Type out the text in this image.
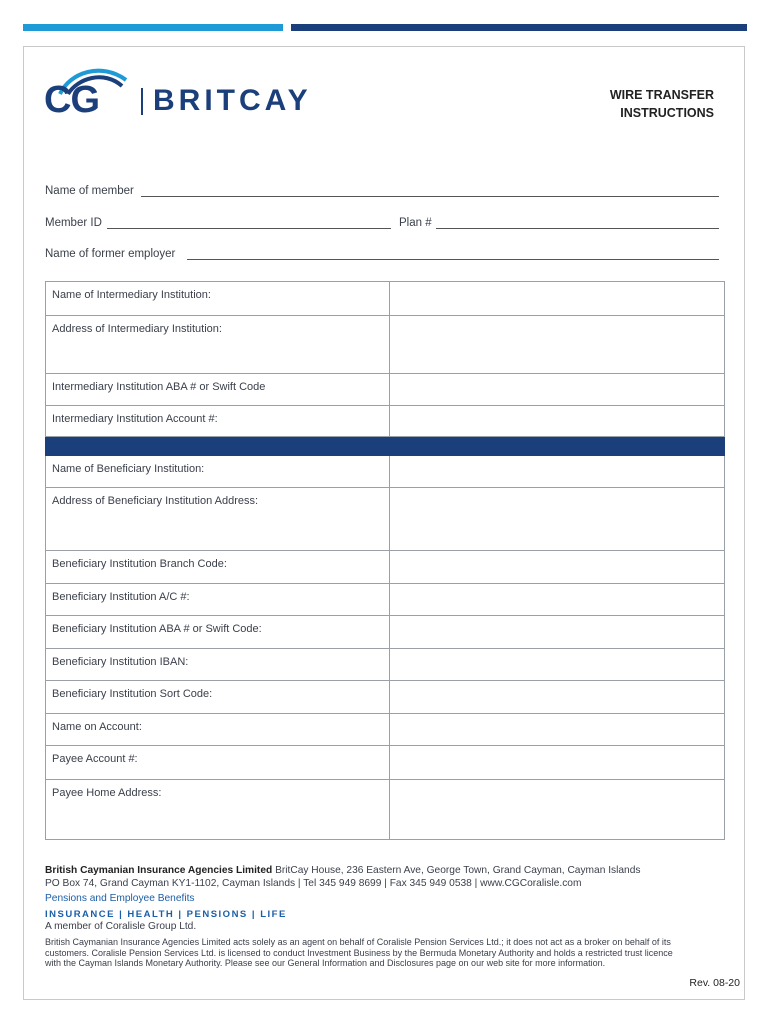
CG BRITCAY	WIRE TRANSFER
INSTRUCTIONS
Name of member
Member ID	Plan #
Name of former employer
Name of Intermediary Institution:	
Address of Intermediary Institution:	
Intermediary Institution ABA # or Swift Code	
Intermediary Institution Account #:	

Name of Beneficiary Institution:	
Address of Beneficiary Institution Address:	
Beneficiary Institution Branch Code:	
Beneficiary Institution A/C #:	
Beneficiary Institution ABA # or Swift Code:	
Beneficiary Institution IBAN:	
Beneficiary Institution Sort Code:	
Name on Account:	
Payee Account #:	
Payee Home Address:	
British Caymanian Insurance Agencies Limited BritCay House, 236 Eastern Ave, George Town, Grand Cayman, Cayman Islands
PO Box 74, Grand Cayman KY1-1102, Cayman Islands | Tel 345 949 8699 | Fax 345 949 0538 | www.CGCoralisle.com
Pensions and Employee Benefits
INSURANCE | HEALTH | PENSIONS | LIFE
A member of Coralisle Group Ltd.
British Caymanian Insurance Agencies Limited acts solely as an agent on behalf of Coralisle Pension Services Ltd.; it does not act as a broker on behalf of its customers. Coralisle Pension Services Ltd. is licensed to conduct Investment Business by the Bermuda Monetary Authority and holds a restricted trust licence with the Cayman Islands Monetary Authority. Please see our General Information and Disclosures page on our web site for more information.
Rev. 08-20
